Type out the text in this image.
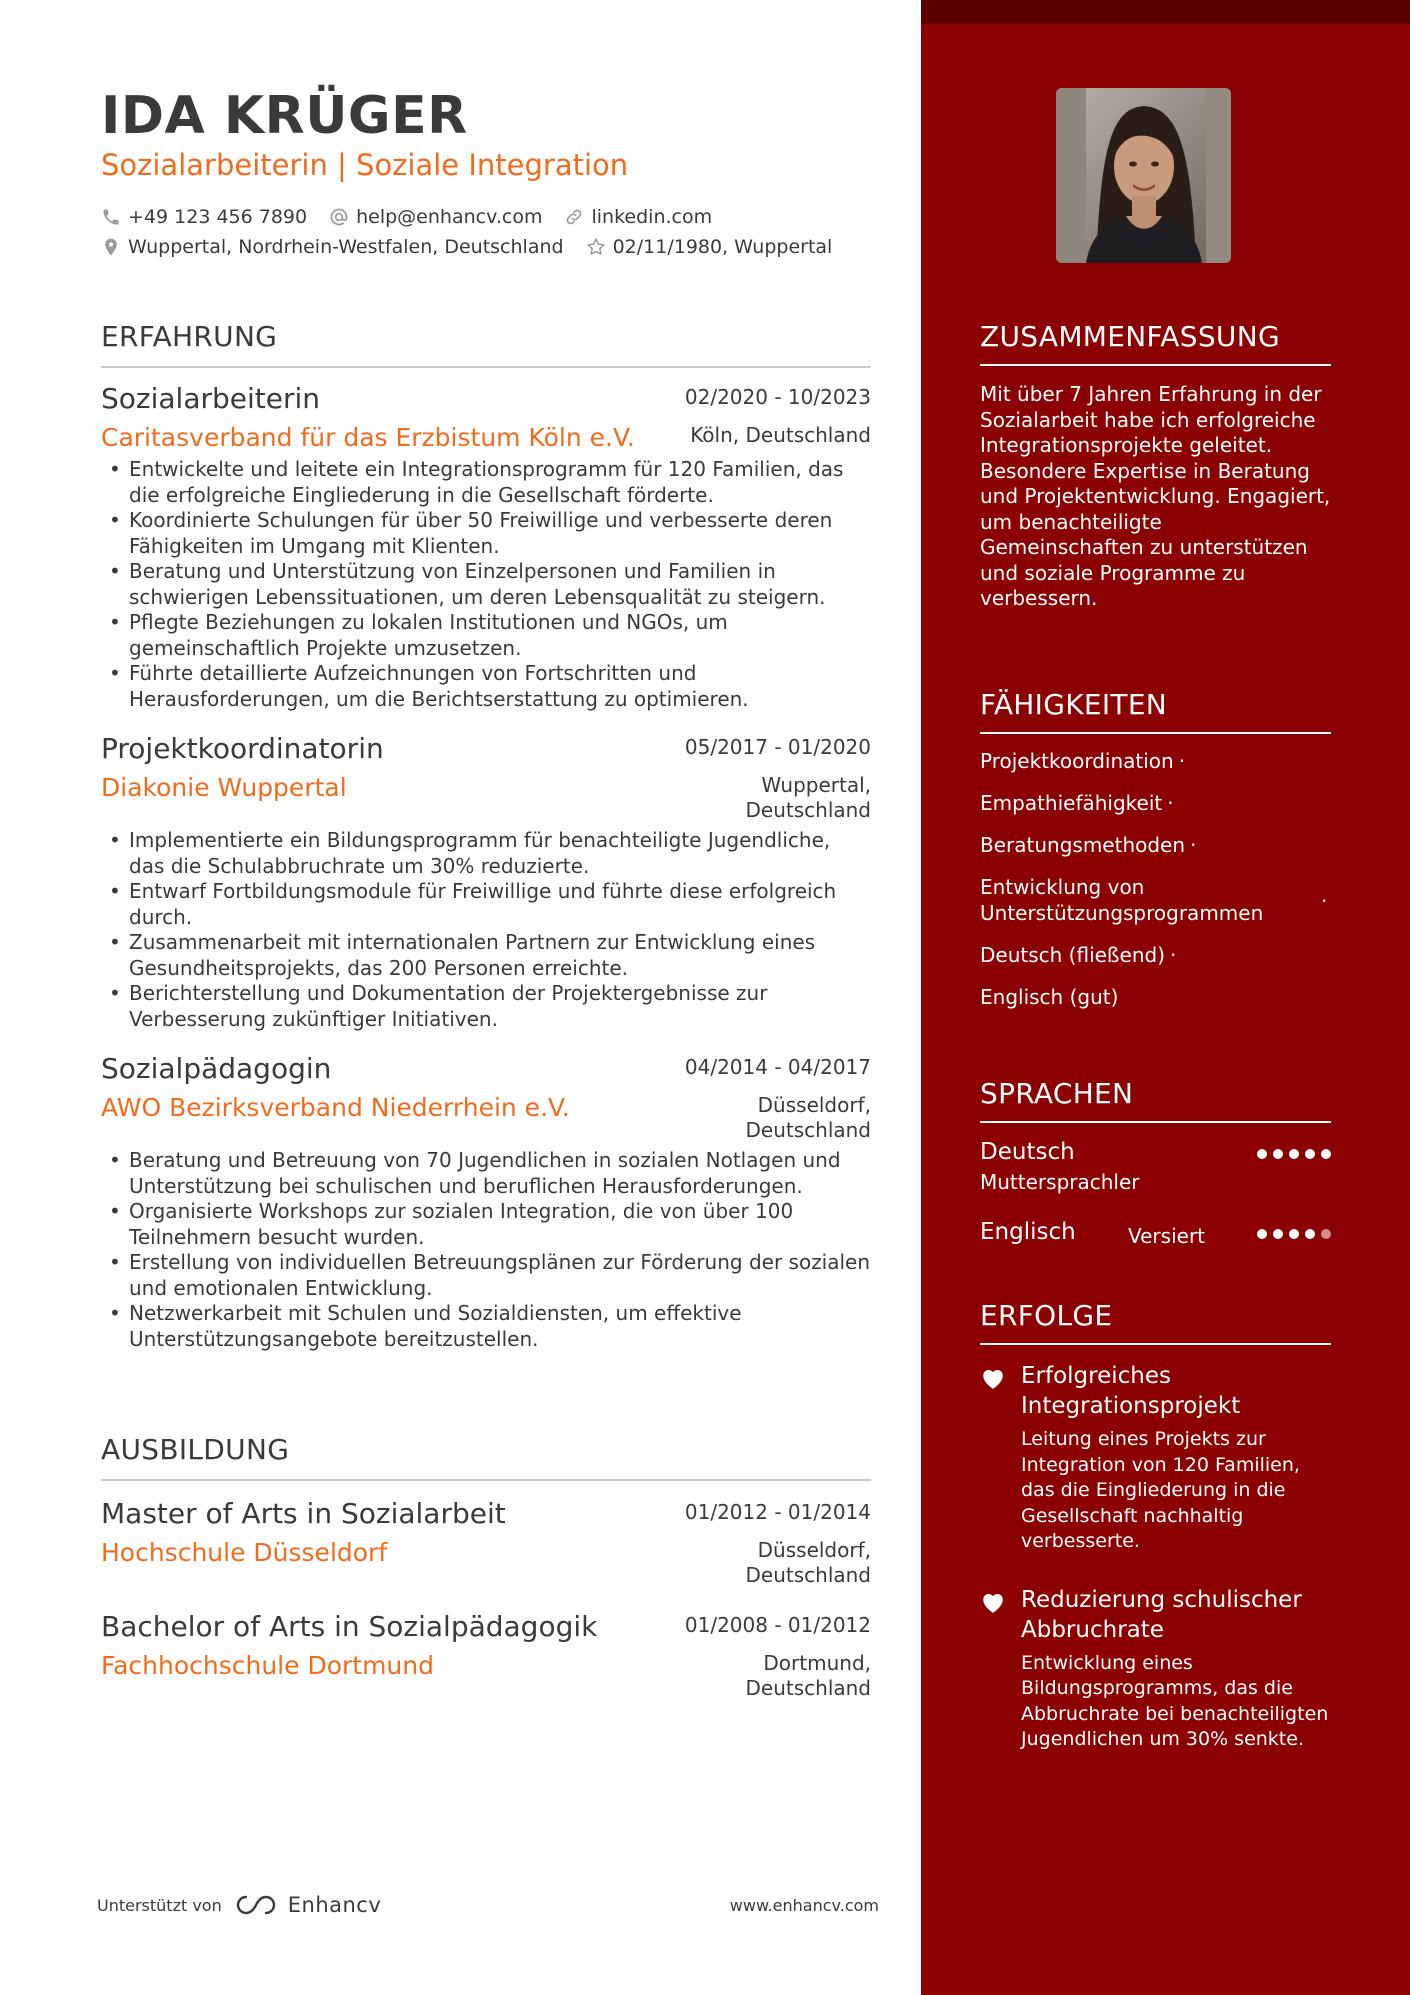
IDA KRÜGER
Sozialarbeiterin | Soziale Integration
+49 123 456 7890	help@enhancv.com	linkedin.com
Wuppertal, Nordrhein-Westfalen, Deutschland	02/11/1980, Wuppertal
ERFAHRUNG
Sozialarbeiterin	02/2020 - 10/2023
Caritasverband für das Erzbistum Köln e.V.	Köln, Deutschland
• Entwickelte und leitete ein Integrationsprogramm für 120 Familien, das die erfolgreiche Eingliederung in die Gesellschaft förderte.
• Koordinierte Schulungen für über 50 Freiwillige und verbesserte deren Fähigkeiten im Umgang mit Klienten.
• Beratung und Unterstützung von Einzelpersonen und Familien in schwierigen Lebenssituationen, um deren Lebensqualität zu steigern.
• Pflegte Beziehungen zu lokalen Institutionen und NGOs, um gemeinschaftlich Projekte umzusetzen.
• Führte detaillierte Aufzeichnungen von Fortschritten und Herausforderungen, um die Berichtserstattung zu optimieren.
Projektkoordinatorin	05/2017 - 01/2020
Diakonie Wuppertal	Wuppertal,
Deutschland
• Implementierte ein Bildungsprogramm für benachteiligte Jugendliche, das die Schulabbruchrate um 30% reduzierte.
• Entwarf Fortbildungsmodule für Freiwillige und führte diese erfolgreich durch.
• Zusammenarbeit mit internationalen Partnern zur Entwicklung eines Gesundheitsprojekts, das 200 Personen erreichte.
• Berichterstellung und Dokumentation der Projektergebnisse zur Verbesserung zukünftiger Initiativen.
Sozialpädagogin	04/2014 - 04/2017
AWO Bezirksverband Niederrhein e.V.	Düsseldorf,
Deutschland
• Beratung und Betreuung von 70 Jugendlichen in sozialen Notlagen und Unterstützung bei schulischen und beruflichen Herausforderungen.
• Organisierte Workshops zur sozialen Integration, die von über 100 Teilnehmern besucht wurden.
• Erstellung von individuellen Betreuungsplänen zur Förderung der sozialen und emotionalen Entwicklung.
• Netzwerkarbeit mit Schulen und Sozialdiensten, um effektive Unterstützungsangebote bereitzustellen.
AUSBILDUNG
Master of Arts in Sozialarbeit	01/2012 - 01/2014
Hochschule Düsseldorf	Düsseldorf,
Deutschland
Bachelor of Arts in Sozialpädagogik	01/2008 - 01/2012
Fachhochschule Dortmund	Dortmund,
Deutschland
Unterstützt von	Enhancv	www.enhancv.com
ZUSAMMENFASSUNG
Mit über 7 Jahren Erfahrung in der Sozialarbeit habe ich erfolgreiche Integrationsprojekte geleitet. Besondere Expertise in Beratung und Projektentwicklung. Engagiert, um benachteiligte Gemeinschaften zu unterstützen und soziale Programme zu verbessern.
FÄHIGKEITEN
Projektkoordination ·
Empathiefähigkeit ·
Beratungsmethoden ·
Entwicklung von Unterstützungsprogrammen	·
Deutsch (fließend) ·
Englisch (gut)
SPRACHEN
Deutsch
Muttersprachler
Englisch	Versiert
ERFOLGE
Erfolgreiches Integrationsprojekt
Leitung eines Projekts zur Integration von 120 Familien, das die Eingliederung in die Gesellschaft nachhaltig verbesserte.
Reduzierung schulischer Abbruchrate
Entwicklung eines Bildungsprogramms, das die Abbruchrate bei benachteiligten Jugendlichen um 30% senkte.
